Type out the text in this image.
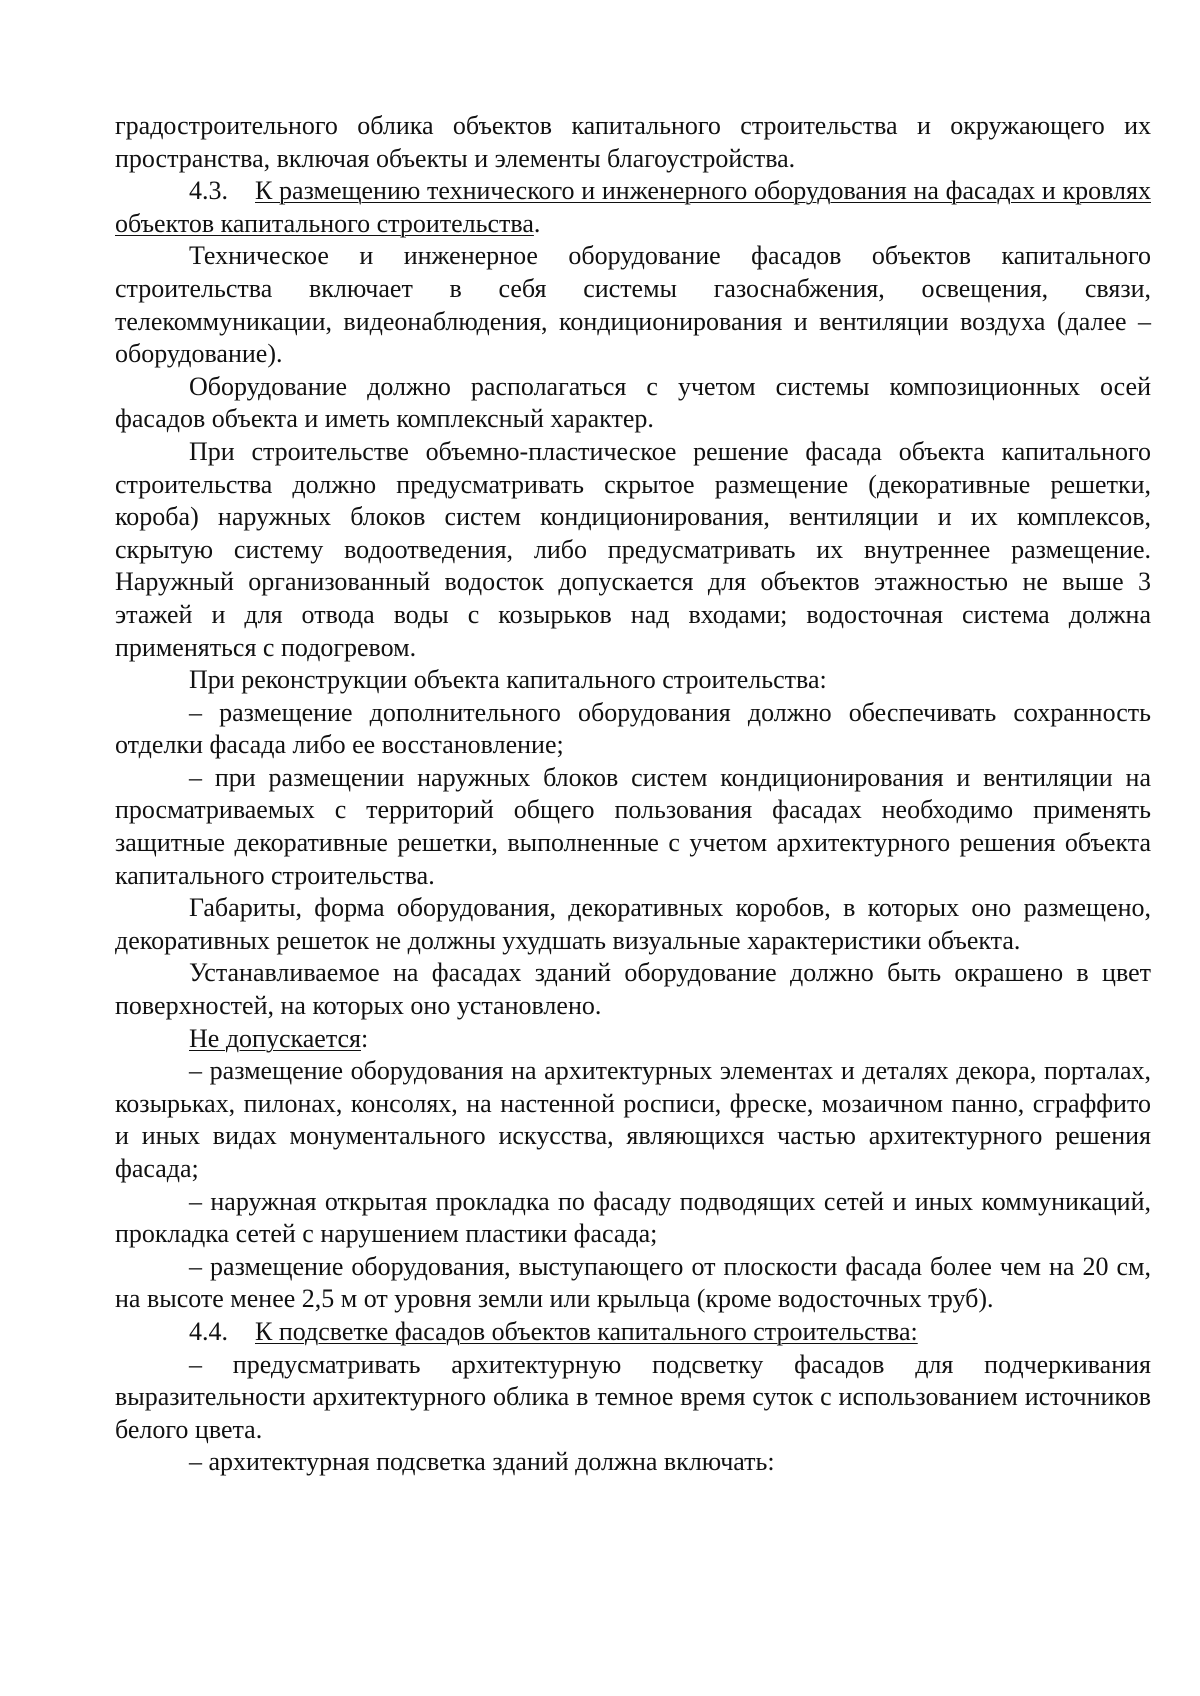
градостроительного облика объектов капитального строительства и окружающего их пространства, включая объекты и элементы благоустройства.

4.3. К размещению технического и инженерного оборудования на фасадах и кровлях объектов капитального строительства.

Техническое и инженерное оборудование фасадов объектов капитального строительства включает в себя системы газоснабжения, освещения, связи, телекоммуникации, видеонаблюдения, кондиционирования и вентиляции воздуха (далее – оборудование).

Оборудование должно располагаться с учетом системы композиционных осей фасадов объекта и иметь комплексный характер.

При строительстве объемно-пластическое решение фасада объекта капитального строительства должно предусматривать скрытое размещение (декоративные решетки, короба) наружных блоков систем кондиционирования, вентиляции и их комплексов, скрытую систему водоотведения, либо предусматривать их внутреннее размещение. Наружный организованный водосток допускается для объектов этажностью не выше 3 этажей и для отвода воды с козырьков над входами; водосточная система должна применяться с подогревом.

При реконструкции объекта капитального строительства:

– размещение дополнительного оборудования должно обеспечивать сохранность отделки фасада либо ее восстановление;

– при размещении наружных блоков систем кондиционирования и вентиляции на просматриваемых с территорий общего пользования фасадах необходимо применять защитные декоративные решетки, выполненные с учетом архитектурного решения объекта капитального строительства.

Габариты, форма оборудования, декоративных коробов, в которых оно размещено, декоративных решеток не должны ухудшать визуальные характеристики объекта.

Устанавливаемое на фасадах зданий оборудование должно быть окрашено в цвет поверхностей, на которых оно установлено.

Не допускается:

– размещение оборудования на архитектурных элементах и деталях декора, порталах, козырьках, пилонах, консолях, на настенной росписи, фреске, мозаичном панно, сграффито и иных видах монументального искусства, являющихся частью архитектурного решения фасада;

– наружная открытая прокладка по фасаду подводящих сетей и иных коммуникаций, прокладка сетей с нарушением пластики фасада;

– размещение оборудования, выступающего от плоскости фасада более чем на 20 см, на высоте менее 2,5 м от уровня земли или крыльца (кроме водосточных труб).

4.4. К подсветке фасадов объектов капитального строительства:

– предусматривать архитектурную подсветку фасадов для подчеркивания выразительности архитектурного облика в темное время суток с использованием источников белого цвета.

– архитектурная подсветка зданий должна включать:
